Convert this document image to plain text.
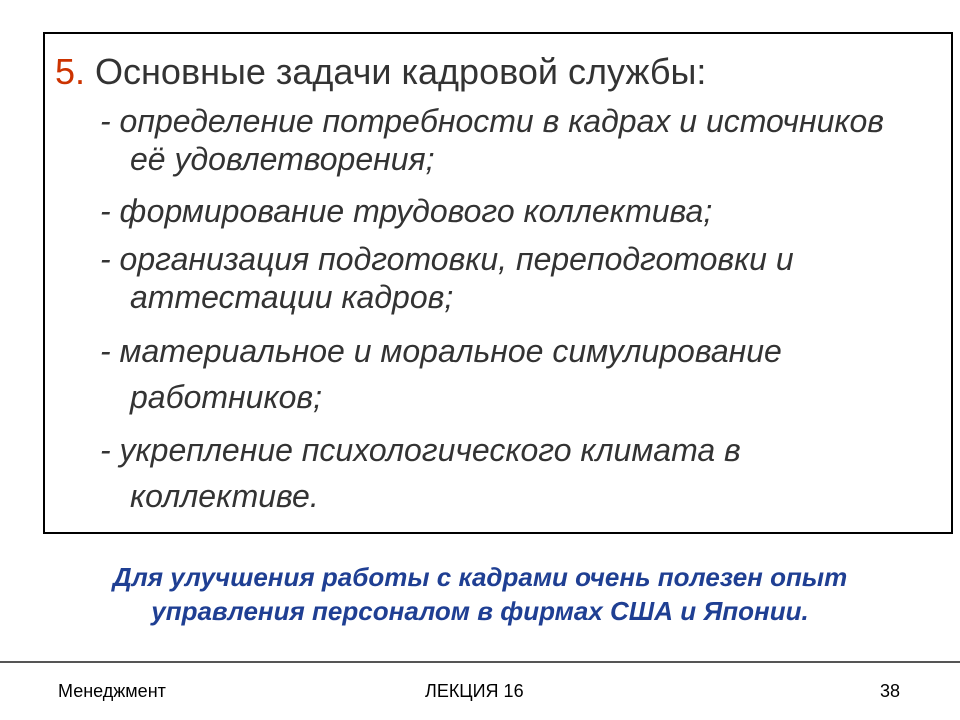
5. Основные задачи кадровой службы:

- определение потребности в кадрах и источников
её удовлетворения;

- формирование трудового коллектива;

- организация подготовки, переподготовки и
аттестации кадров;

- материальное и моральное симулирование
работников;

- укрепление психологического климата в
коллективе.

Для улучшения работы с кадрами очень полезен опыт
управления персоналом в фирмах США и Японии.

Менеджмент	ЛЕКЦИЯ 16	38
